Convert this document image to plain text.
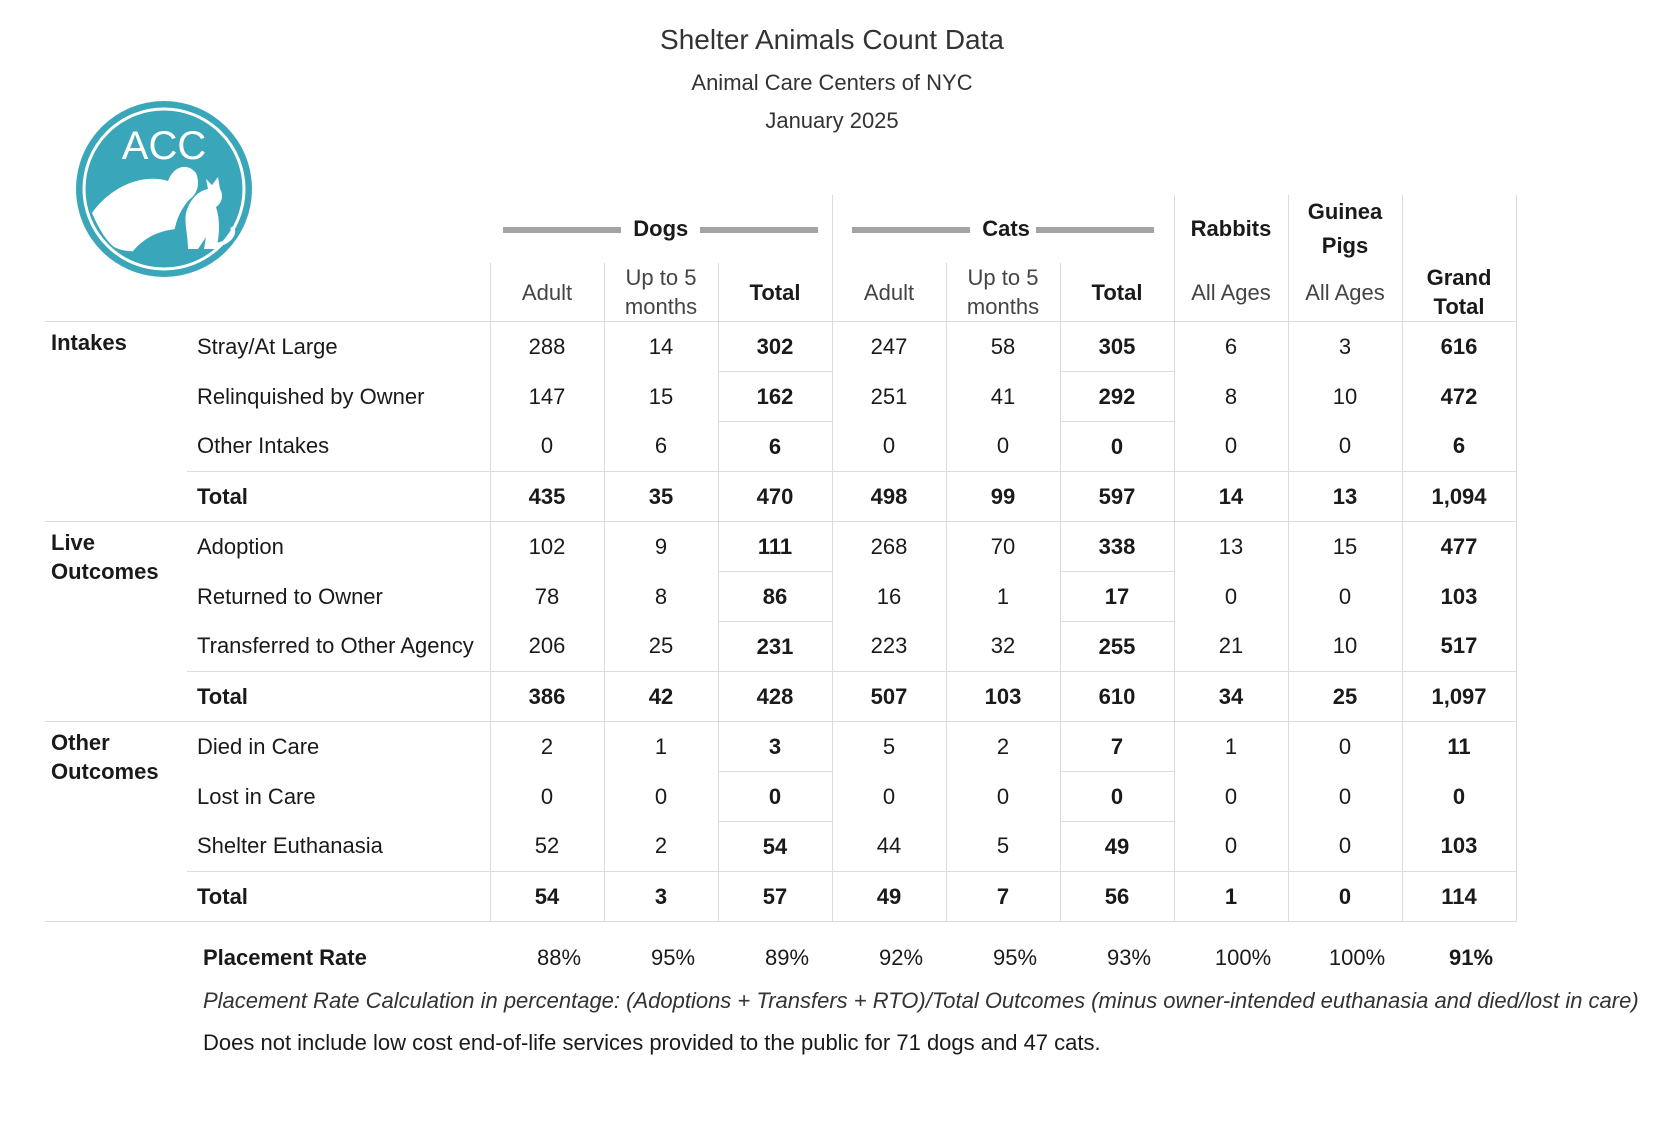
Shelter Animals Count Data
Animal Care Centers of NYC
January 2025
ACC
		Dogs			Cats			Rabbits	Guinea
Pigs	
		Adult	Up to 5
months	Total	Adult	Up to 5
months	Total	All Ages	All Ages	Grand
Total
Intakes	Stray/At Large	288	14	302	247	58	305	6	3	616
	Relinquished by Owner	147	15	162	251	41	292	8	10	472
	Other Intakes	0	6	6	0	0	0	0	0	6
	Total	435	35	470	498	99	597	14	13	1,094
Live
Outcomes	Adoption	102	9	111	268	70	338	13	15	477
	Returned to Owner	78	8	86	16	1	17	0	0	103
	Transferred to Other Agency	206	25	231	223	32	255	21	10	517
	Total	386	42	428	507	103	610	34	25	1,097
Other
Outcomes	Died in Care	2	1	3	5	2	7	1	0	11
	Lost in Care	0	0	0	0	0	0	0	0	0
	Shelter Euthanasia	52	2	54	44	5	49	0	0	103
	Total	54	3	57	49	7	56	1	0	114
Placement Rate	88%	95%	89%	92%	95%	93%	100%	100%	91%
Placement Rate Calculation in percentage: (Adoptions + Transfers + RTO)/Total Outcomes (minus owner-intended euthanasia and died/lost in care)
Does not include low cost end-of-life services provided to the public for 71 dogs and 47 cats.
